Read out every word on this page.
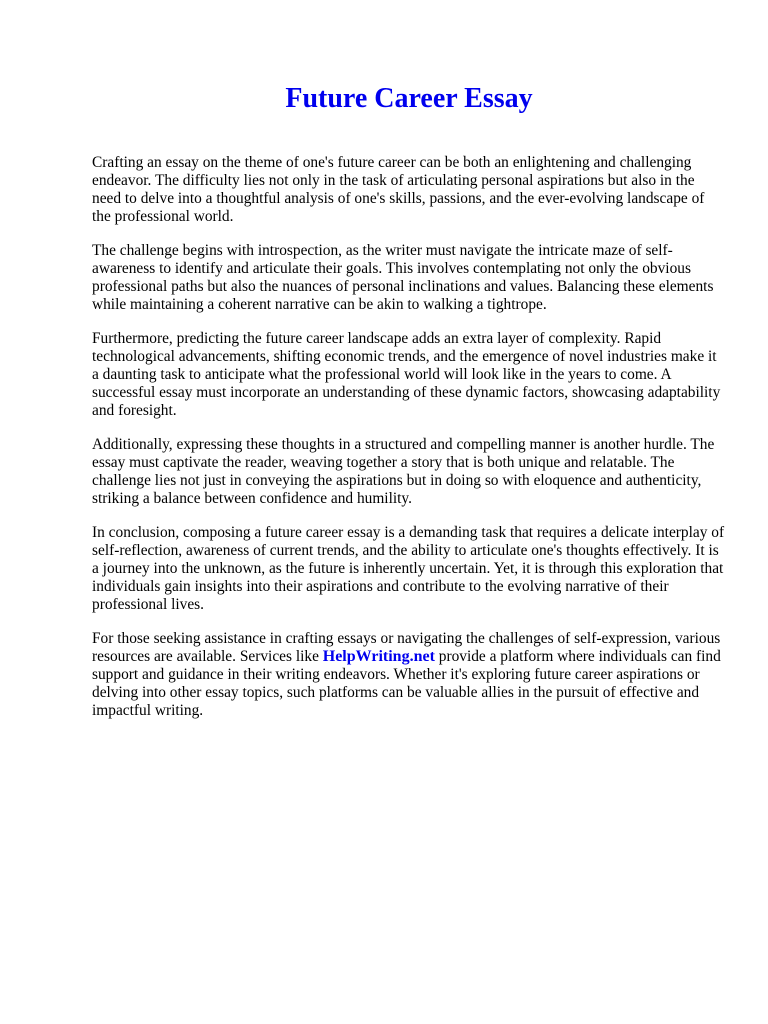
Future Career Essay

Crafting an essay on the theme of one's future career can be both an enlightening and challenging endeavor. The difficulty lies not only in the task of articulating personal aspirations but also in the need to delve into a thoughtful analysis of one's skills, passions, and the ever-evolving landscape of the professional world.

The challenge begins with introspection, as the writer must navigate the intricate maze of self-awareness to identify and articulate their goals. This involves contemplating not only the obvious professional paths but also the nuances of personal inclinations and values. Balancing these elements while maintaining a coherent narrative can be akin to walking a tightrope.

Furthermore, predicting the future career landscape adds an extra layer of complexity. Rapid technological advancements, shifting economic trends, and the emergence of novel industries make it a daunting task to anticipate what the professional world will look like in the years to come. A successful essay must incorporate an understanding of these dynamic factors, showcasing adaptability and foresight.

Additionally, expressing these thoughts in a structured and compelling manner is another hurdle. The essay must captivate the reader, weaving together a story that is both unique and relatable. The challenge lies not just in conveying the aspirations but in doing so with eloquence and authenticity, striking a balance between confidence and humility.

In conclusion, composing a future career essay is a demanding task that requires a delicate interplay of self-reflection, awareness of current trends, and the ability to articulate one's thoughts effectively. It is a journey into the unknown, as the future is inherently uncertain. Yet, it is through this exploration that individuals gain insights into their aspirations and contribute to the evolving narrative of their professional lives.

For those seeking assistance in crafting essays or navigating the challenges of self-expression, various resources are available. Services like HelpWriting.net provide a platform where individuals can find support and guidance in their writing endeavors. Whether it's exploring future career aspirations or delving into other essay topics, such platforms can be valuable allies in the pursuit of effective and impactful writing.
